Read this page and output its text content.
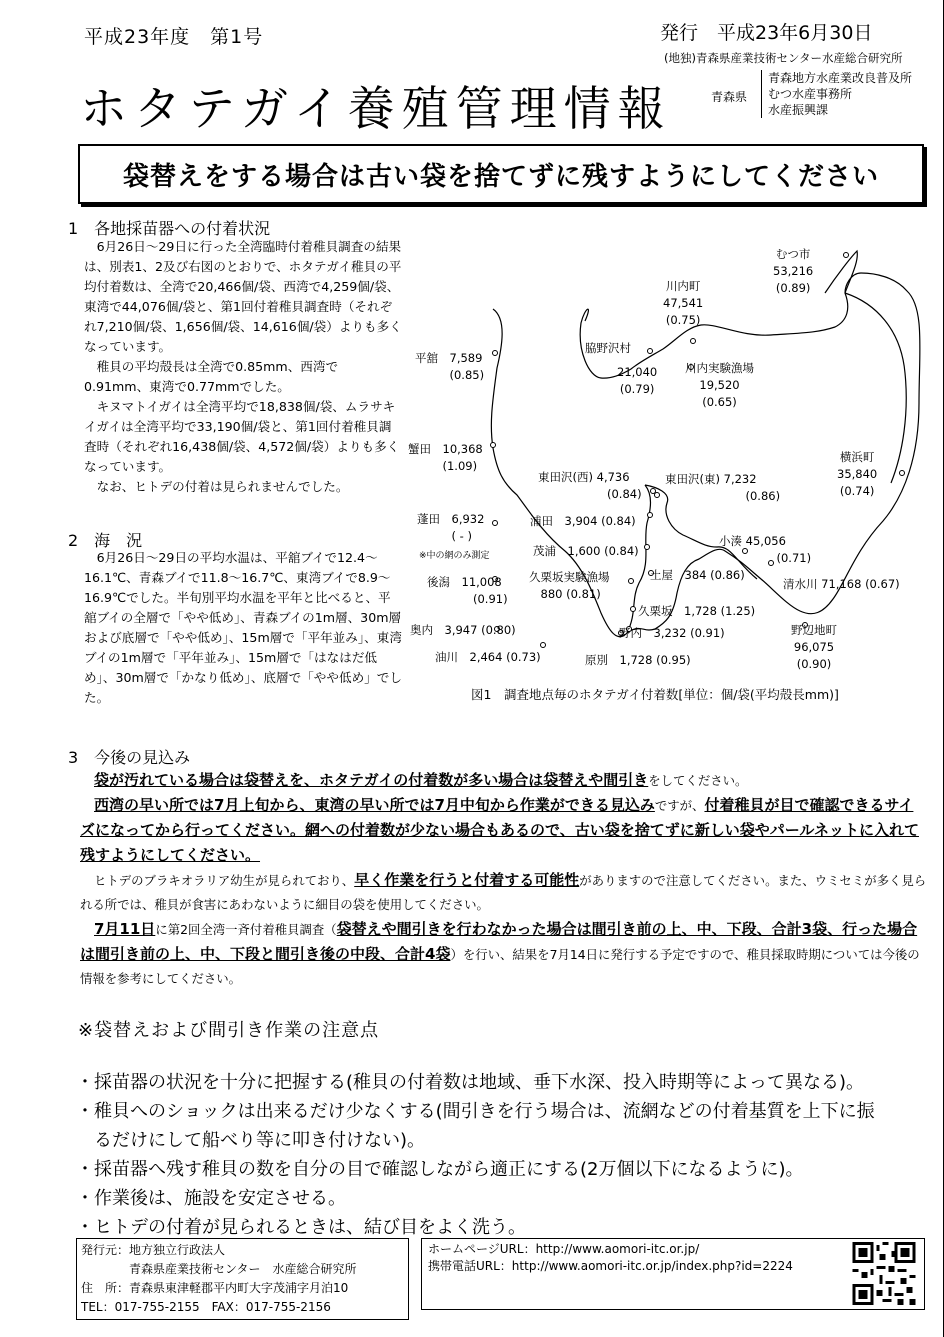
平成23年度　第1号	発行　平成23年6月30日
(地独)青森県産業技術センター水産総合研究所
ホタテガイ養殖管理情報	青森県
青森地方水産業改良普及所
むつ水産事務所
水産振興課
袋替えをする場合は古い袋を捨てずに残すようにしてください
1　各地採苗器への付着状況
6月26日～29日に行った全湾臨時付着稚貝調査の結果は、別表1、2及び右図のとおりで、ホタテガイ稚貝の平均付着数は、全湾で20,466個/袋、西湾で4,259個/袋、東湾で44,076個/袋と、第1回付着稚貝調査時（それぞれ7,210個/袋、1,656個/袋、14,616個/袋）よりも多くなっています。
稚貝の平均殻長は全湾で0.85mm、西湾で0.91mm、東湾で0.77mmでした。
キヌマトイガイは全湾平均で18,838個/袋、ムラサキイガイは全湾平均で33,190個/袋と、第1回付着稚貝調査時（それぞれ16,438個/袋、4,572個/袋）よりも多くなっています。
なお、ヒトデの付着は見られませんでした。
2　海　況
6月26日～29日の平均水温は、平舘ブイで12.4～16.1℃、青森ブイで11.8～16.7℃、東湾ブイで8.9～16.9℃でした。半旬別平均水温を平年と比べると、平舘ブイの全層で「やや低め」、青森ブイの1m層、30m層および底層で「やや低め」、15m層で「平年並み」、東湾ブイの1m層で「平年並み」、15m層で「はなはだ低め」、30m層で「かなり低め」、底層で「やや低め」でした。
むつ市
53,216
(0.89)
川内町
47,541
(0.75)
脇野沢村
21,040
(0.79)
川内実験漁場
19,520
(0.65)
平舘　 7,589
　　　(0.85)
蟹田　 10,368
　　　(1.09)
横浜町
35,840
(0.74)
東田沢(西) 4,736
　　　　　　(0.84)
東田沢(東) 7,232
　　　　　　　(0.86)
蓬田　 6,932
　　　( - )
※中の網のみ測定
浦田　 3,904 (0.84)
茂浦　 1,600 (0.84)
小湊 45,056
　　　　　(0.71)
後潟　 11,008
　　　　(0.91)
久栗坂実験漁場
　880 (0.81)
土屋　 384 (0.86)
清水川 71,168 (0.67)
久栗坂　 1,728 (1.25)
奥内　 3,947 (0.80)	野内　 3,232 (0.91)	野辺地町
96,075
(0.90)
油川　 2,464 (0.73)	原別　 1,728 (0.95)
図1　調査地点毎のホタテガイ付着数[単位：個/袋(平均殻長mm)]
3　今後の見込み
袋が汚れている場合は袋替えを、ホタテガイの付着数が多い場合は袋替えや間引きをしてください。
西湾の早い所では7月上旬から、東湾の早い所では7月中旬から作業ができる見込みですが、付着稚貝が目で確認できるサイズになってから行ってください。網への付着数が少ない場合もあるので、古い袋を捨てずに新しい袋やパールネットに入れて残すようにしてください。
ヒトデのブラキオラリア幼生が見られており、早く作業を行うと付着する可能性がありますので注意してください。また、ウミセミが多く見られる所では、稚貝が食害にあわないように細目の袋を使用してください。
7月11日に第2回全湾一斉付着稚貝調査（袋替えや間引きを行わなかった場合は間引き前の上、中、下段、合計3袋、行った場合は間引き前の上、中、下段と間引き後の中段、合計4袋）を行い、結果を7月14日に発行する予定ですので、稚貝採取時期については今後の情報を参考にしてください。
※袋替えおよび間引き作業の注意点
・採苗器の状況を十分に把握する(稚貝の付着数は地域、垂下水深、投入時期等によって異なる)。
・稚貝へのショックは出来るだけ少なくする(間引きを行う場合は、流網などの付着基質を上下に振
　るだけにして船べり等に叩き付けない)。
・採苗器へ残す稚貝の数を自分の目で確認しながら適正にする(2万個以下になるように)。
・作業後は、施設を安定させる。
・ヒトデの付着が見られるときは、結び目をよく洗う。
発行元：地方独立行政法人
　　　　青森県産業技術センター　水産総合研究所
住　所：青森県東津軽郡平内町大字茂浦字月泊10
TEL：017-755-2155　FAX：017-755-2156
ホームページURL：http://www.aomori-itc.or.jp/
携帯電話URL：http://www.aomori-itc.or.jp/index.php?id=2224
